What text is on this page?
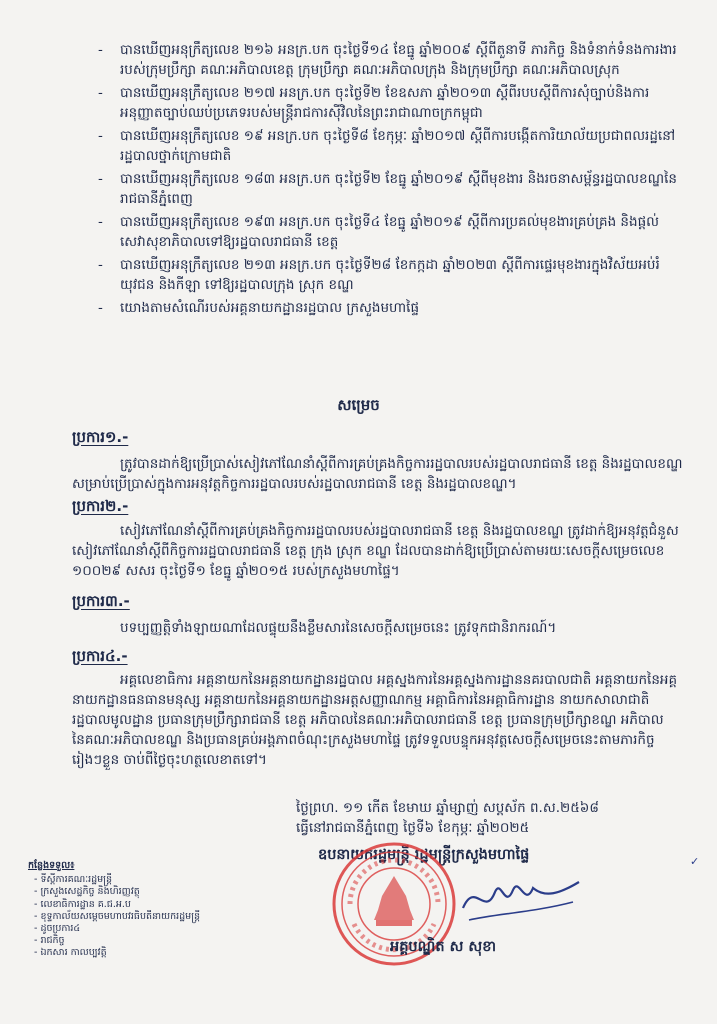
- បានឃើញអនុក្រឹត្យលេខ ២១៦ អនក្រ.បក ចុះថ្ងៃទី១៤ ខែធ្នូ ឆ្នាំ២០០៩ ស្ដីពីតួនាទី ភារកិច្ច និងទំនាក់ទំនងការងាររបស់ក្រុមប្រឹក្សា គណៈអភិបាលខេត្ត ក្រុមប្រឹក្សា គណៈអភិបាលក្រុង និងក្រុមប្រឹក្សា គណៈអភិបាលស្រុក
- បានឃើញអនុក្រឹត្យលេខ ២១៧ អនក្រ.បក ចុះថ្ងៃទី២ ខែឧសភា ឆ្នាំ២០១៣ ស្ដីពីរបបស្ដីពីការសុំច្បាប់និងការអនុញ្ញាតច្បាប់ឈប់ប្រភេទរបស់មន្ត្រីរាជការស៊ីវិលនៃព្រះរាជាណាចក្រកម្ពុជា
- បានឃើញអនុក្រឹត្យលេខ ១៩ អនក្រ.បក ចុះថ្ងៃទី៨ ខែកុម្ភៈ ឆ្នាំ២០១៧ ស្ដីពីការបង្កើតការិយាល័យប្រជាពលរដ្ឋនៅរដ្ឋបាលថ្នាក់ក្រោមជាតិ
- បានឃើញអនុក្រឹត្យលេខ ១៨៣ អនក្រ.បក ចុះថ្ងៃទី២ ខែធ្នូ ឆ្នាំ២០១៩ ស្ដីពីមុខងារ និងរចនាសម្ព័ន្ធរដ្ឋបាលខណ្ឌនៃរាជធានីភ្នំពេញ
- បានឃើញអនុក្រឹត្យលេខ ១៩៣ អនក្រ.បក ចុះថ្ងៃទី៤ ខែធ្នូ ឆ្នាំ២០១៩ ស្ដីពីការប្រគល់មុខងារគ្រប់គ្រង និងផ្ដល់សេវាសុខាភិបាលទៅឱ្យរដ្ឋបាលរាជធានី ខេត្ត
- បានឃើញអនុក្រឹត្យលេខ ២១៣ អនក្រ.បក ចុះថ្ងៃទី២៨ ខែកក្កដា ឆ្នាំ២០២៣ ស្ដីពីការផ្ទេរមុខងារក្នុងវិស័យអប់រំ យុវជន និងកីឡា ទៅឱ្យរដ្ឋបាលក្រុង ស្រុក ខណ្ឌ
- យោងតាមសំណើរបស់អគ្គនាយកដ្ឋានរដ្ឋបាល ក្រសួងមហាផ្ទៃ
សម្រេច
ប្រការ១.-
ត្រូវបានដាក់ឱ្យប្រើប្រាស់សៀវភៅណែនាំស្ដីពីការគ្រប់គ្រងកិច្ចការរដ្ឋបាលរបស់រដ្ឋបាលរាជធានី ខេត្ត និងរដ្ឋបាលខណ្ឌ សម្រាប់ប្រើប្រាស់ក្នុងការអនុវត្តកិច្ចការរដ្ឋបាលរបស់រដ្ឋបាលរាជធានី ខេត្ត និងរដ្ឋបាលខណ្ឌ។
ប្រការ២.-
សៀវភៅណែនាំស្ដីពីការគ្រប់គ្រងកិច្ចការរដ្ឋបាលរបស់រដ្ឋបាលរាជធានី ខេត្ត និងរដ្ឋបាលខណ្ឌ ត្រូវដាក់ឱ្យអនុវត្តជំនួសសៀវភៅណែនាំស្ដីពីកិច្ចការរដ្ឋបាលរាជធានី ខេត្ត ក្រុង ស្រុក ខណ្ឌ ដែលបានដាក់ឱ្យប្រើប្រាស់តាមរយៈសេចក្ដីសម្រេចលេខ ១០០២៩ សសរ ចុះថ្ងៃទី១ ខែធ្នូ ឆ្នាំ២០១៥ របស់ក្រសួងមហាផ្ទៃ។
ប្រការ៣.-
បទប្បញ្ញត្តិទាំងឡាយណាដែលផ្ទុយនឹងខ្លឹមសារនៃសេចក្ដីសម្រេចនេះ ត្រូវទុកជានិរាករណ៍។
ប្រការ៤.-
អគ្គលេខាធិការ អគ្គនាយកនៃអគ្គនាយកដ្ឋានរដ្ឋបាល អគ្គស្នងការនៃអគ្គស្នងការដ្ឋាននគរបាលជាតិ អគ្គនាយកនៃអគ្គនាយកដ្ឋានធនធានមនុស្ស អគ្គនាយកនៃអគ្គនាយកដ្ឋានអត្តសញ្ញាណកម្ម អគ្គាធិការនៃអគ្គាធិការដ្ឋាន នាយកសាលាជាតិរដ្ឋបាលមូលដ្ឋាន ប្រធានក្រុមប្រឹក្សារាជធានី ខេត្ត អភិបាលនៃគណៈអភិបាលរាជធានី ខេត្ត ប្រធានក្រុមប្រឹក្សាខណ្ឌ អភិបាលនៃគណៈអភិបាលខណ្ឌ និងប្រធានគ្រប់អង្គភាពចំណុះក្រសួងមហាផ្ទៃ ត្រូវទទួលបន្ទុកអនុវត្តសេចក្ដីសម្រេចនេះតាមភារកិច្ចរៀងៗខ្លួន ចាប់ពីថ្ងៃចុះហត្ថលេខាតទៅ។
ថ្ងៃព្រហ. ១១ កើត ខែមាឃ ឆ្នាំម្សាញ់ សប្តស័ក ព.ស.២៥៦៨
ធ្វើនៅរាជធានីភ្នំពេញ ថ្ងៃទី៦ ខែកុម្ភៈ ឆ្នាំ២០២៥
ឧបនាយករដ្ឋមន្ត្រី រដ្ឋមន្ត្រីក្រសួងមហាផ្ទៃ	✓
អគ្គបណ្ឌិត ស សុខា
កន្លែងទទួល៖
- ទីស្ដីការគណៈរដ្ឋមន្ត្រី
- ក្រសួងសេដ្ឋកិច្ច និងហិរញ្ញវត្ថុ
- លេខាធិការដ្ឋាន គ.ជ.អ.ប
- ខុទ្ទកាល័យសម្ដេចមហាបវរធិបតីនាយករដ្ឋមន្ត្រី
- ដូចប្រការ៤
- រាជកិច្ច
- ឯកសារ កាលប្បវត្តិ
